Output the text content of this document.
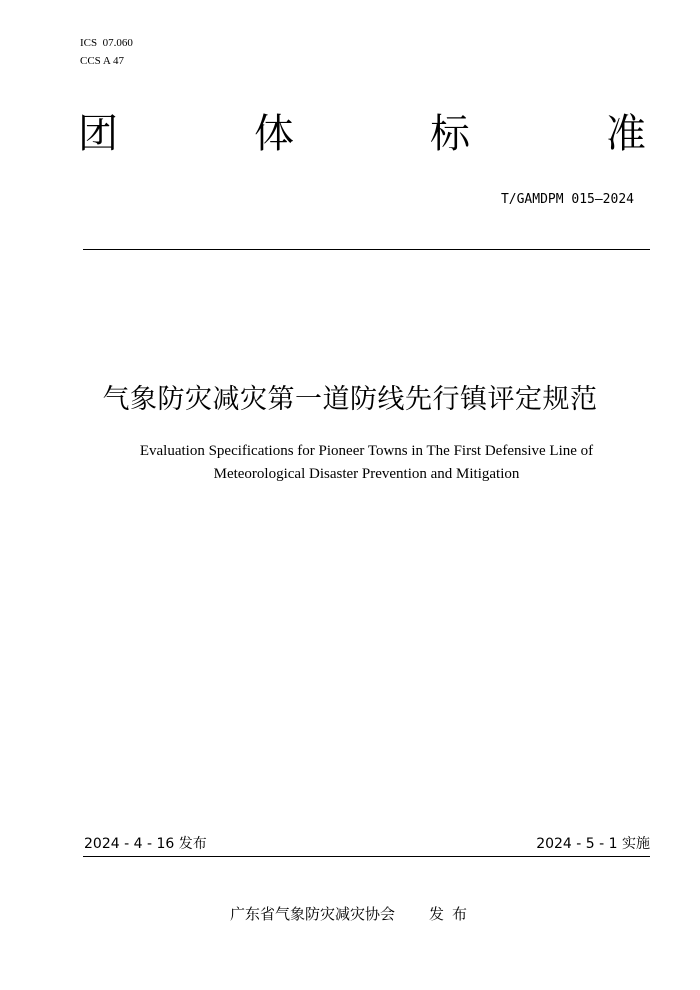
ICS  07.060
CCS A 47
团	体	标	准
T/GAMDPM 015—2024
气象防灾减灾第一道防线先行镇评定规范
Evaluation Specifications for Pioneer Towns in The First Defensive Line of
Meteorological Disaster Prevention and Mitigation
2024 - 4 - 16 发布	2024 - 5 - 1 实施
广东省气象防灾减灾协会 发布
